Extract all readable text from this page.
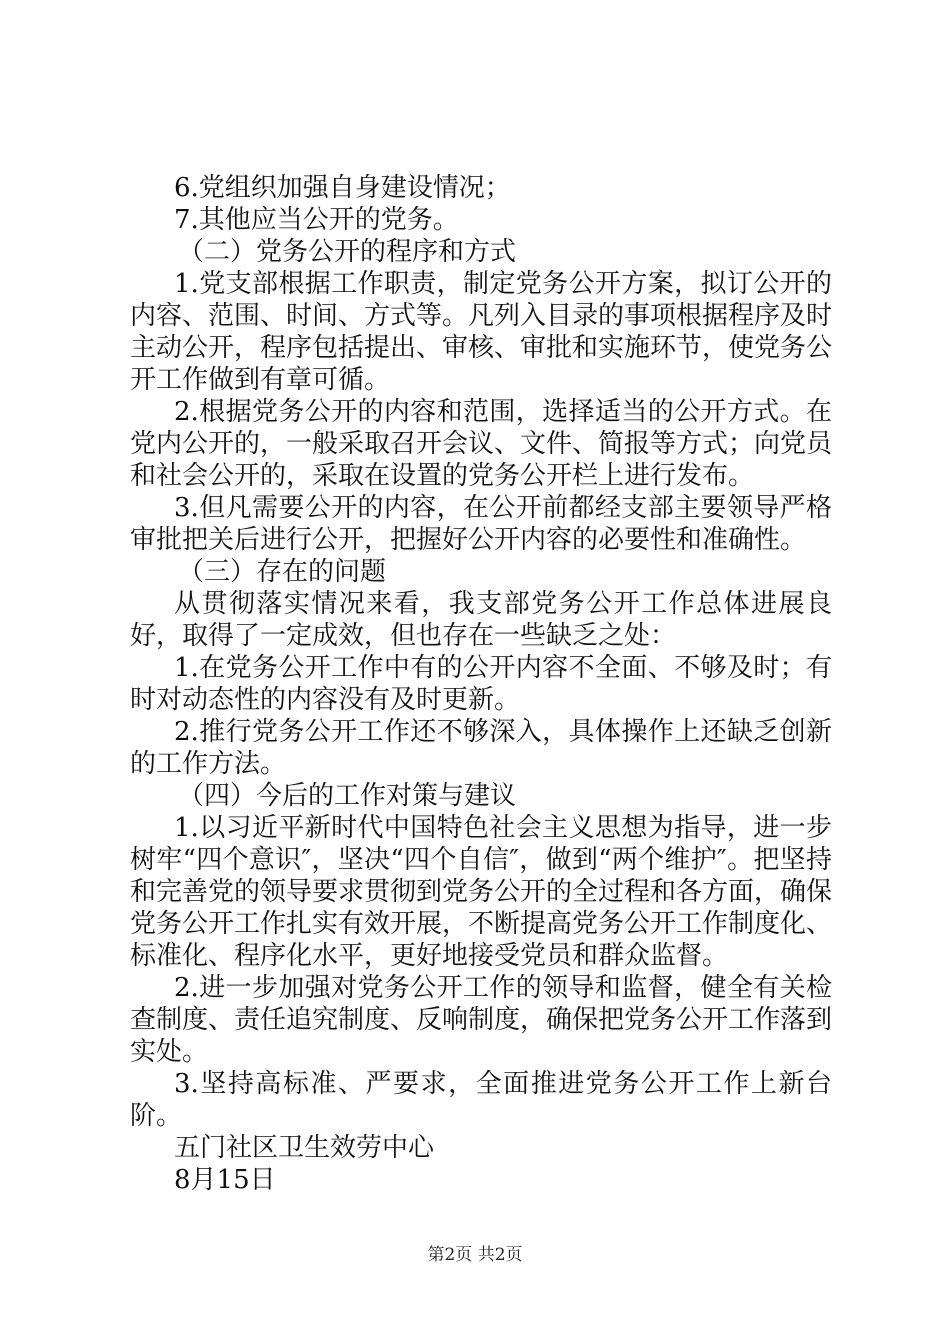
6.党组织加强自身建设情况；

7.其他应当公开的党务。

（二）党务公开的程序和方式

1.党支部根据工作职责，制定党务公开方案，拟订公开的内容、范围、时间、方式等。凡列入目录的事项根据程序及时主动公开，程序包括提出、审核、审批和实施环节，使党务公开工作做到有章可循。

2.根据党务公开的内容和范围，选择适当的公开方式。在党内公开的，一般采取召开会议、文件、简报等方式；向党员和社会公开的，采取在设置的党务公开栏上进行发布。

3.但凡需要公开的内容，在公开前都经支部主要领导严格审批把关后进行公开，把握好公开内容的必要性和准确性。

（三）存在的问题

从贯彻落实情况来看，我支部党务公开工作总体进展良好，取得了一定成效，但也存在一些缺乏之处：

1.在党务公开工作中有的公开内容不全面、不够及时；有时对动态性的内容没有及时更新。

2.推行党务公开工作还不够深入，具体操作上还缺乏创新的工作方法。

（四）今后的工作对策与建议

1.以习近平新时代中国特色社会主义思想为指导，进一步树牢“四个意识″，坚决“四个自信″，做到“两个维护″。把坚持和完善党的领导要求贯彻到党务公开的全过程和各方面，确保党务公开工作扎实有效开展，不断提高党务公开工作制度化、标准化、程序化水平，更好地接受党员和群众监督。

2.进一步加强对党务公开工作的领导和监督，健全有关检查制度、责任追究制度、反响制度，确保把党务公开工作落到实处。

3.坚持高标准、严要求，全面推进党务公开工作上新台阶。

五门社区卫生效劳中心

8月15日

第2页 共2页
